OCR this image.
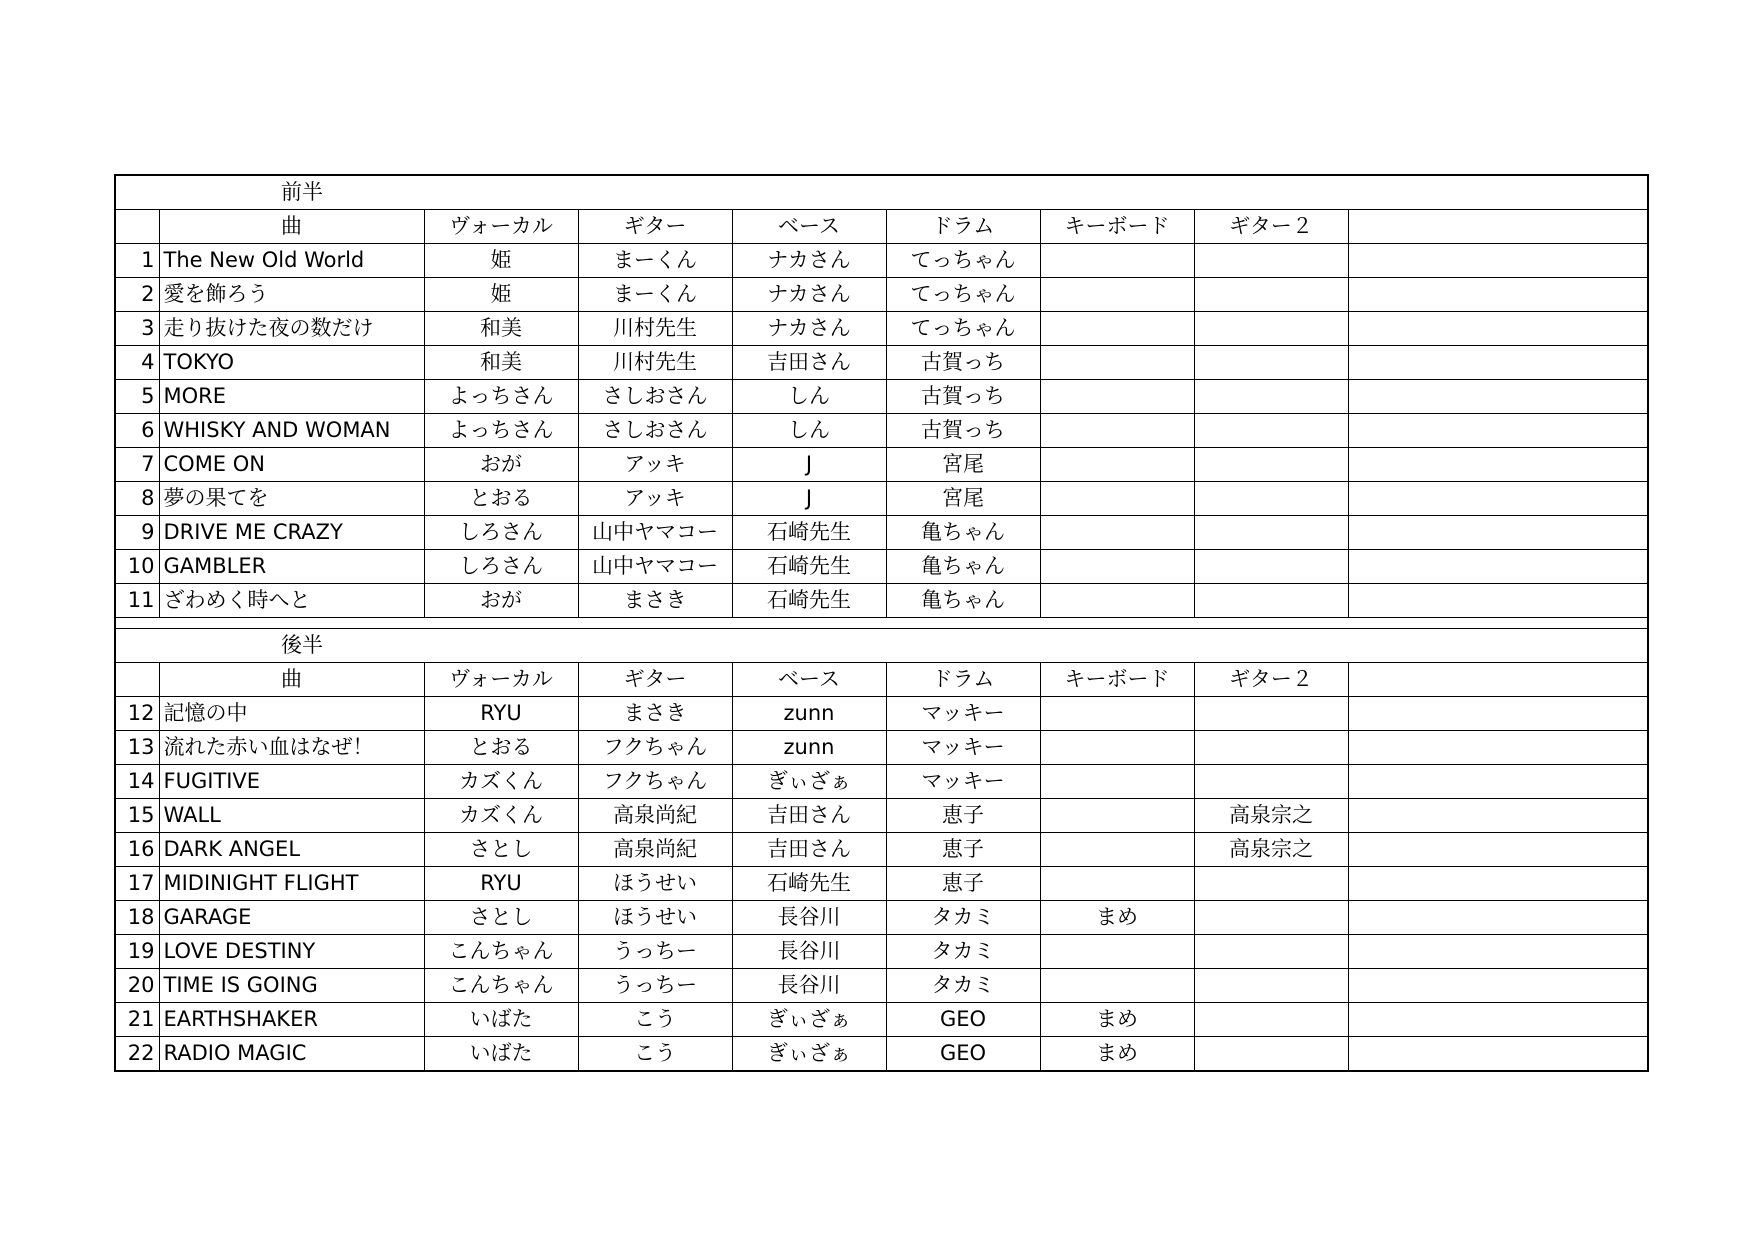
前半								
	曲	ヴォーカル	ギター	ベース	ドラム	キーボード	ギター２	
1	The New Old World	姫	まーくん	ナカさん	てっちゃん			
2	愛を飾ろう	姫	まーくん	ナカさん	てっちゃん			
3	走り抜けた夜の数だけ	和美	川村先生	ナカさん	てっちゃん			
4	TOKYO	和美	川村先生	吉田さん	古賀っち			
5	MORE	よっちさん	さしおさん	しん	古賀っち			
6	WHISKY AND WOMAN	よっちさん	さしおさん	しん	古賀っち			
7	COME ON	おが	アッキ	J	宮尾			
8	夢の果てを	とおる	アッキ	J	宮尾			
9	DRIVE ME CRAZY	しろさん	山中ヤマコー	石崎先生	亀ちゃん			
10	GAMBLER	しろさん	山中ヤマコー	石崎先生	亀ちゃん			
11	ざわめく時へと	おが	まさき	石崎先生	亀ちゃん			

後半								
	曲	ヴォーカル	ギター	ベース	ドラム	キーボード	ギター２	
12	記憶の中	RYU	まさき	zunn	マッキー			
13	流れた赤い血はなぜ！	とおる	フクちゃん	zunn	マッキー			
14	FUGITIVE	カズくん	フクちゃん	ぎぃざぁ	マッキー			
15	WALL	カズくん	高泉尚紀	吉田さん	恵子		高泉宗之	
16	DARK ANGEL	さとし	高泉尚紀	吉田さん	恵子		高泉宗之	
17	MIDINIGHT FLIGHT	RYU	ほうせい	石崎先生	恵子			
18	GARAGE	さとし	ほうせい	長谷川	タカミ	まめ		
19	LOVE DESTINY	こんちゃん	うっちー	長谷川	タカミ			
20	TIME IS GOING	こんちゃん	うっちー	長谷川	タカミ			
21	EARTHSHAKER	いばた	こう	ぎぃざぁ	GEO	まめ		
22	RADIO MAGIC	いばた	こう	ぎぃざぁ	GEO	まめ		
